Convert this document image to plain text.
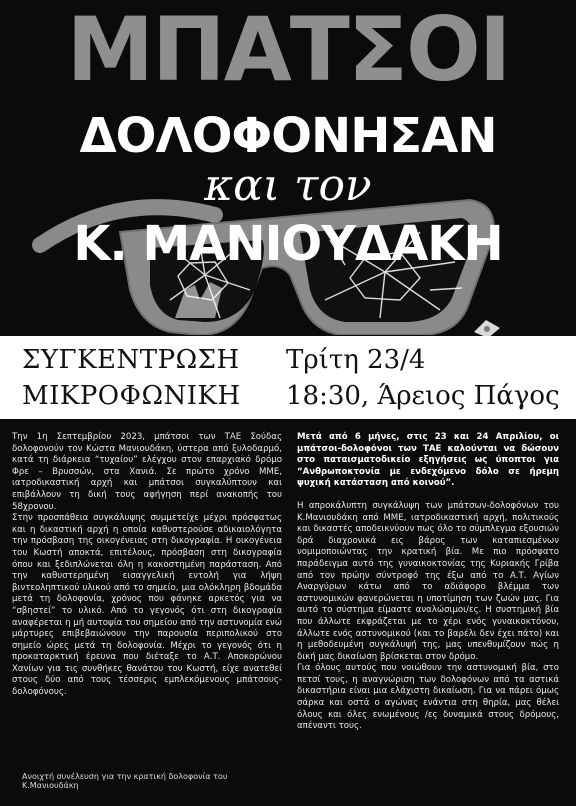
ΜΠΑΤΣΟΙ
ΔΟΛΟΦΟΝΗΣΑΝ
και τον
Κ. ΜΑΝΙΟΥΔΑΚΗ
ΣΥΓΚΕΝΤΡΩΣΗ
ΜΙΚΡΟΦΩΝΙΚΗ
Τρίτη 23/4
18:30, Άρειος Πάγος

Την 1η Σεπτεμβρίου 2023, μπάτσοι των ΤΑΕ Σούδας δολοφονούν τον Κώστα Μανιουδάκη, ύστερα από ξυλοδαρμό, κατά τη διάρκεια “τυχαίου” ελέγχου στον επαρχιακό δρόμο Φρε – Βρυσσών, στα Χανιά. Σε πρώτο χρόνο ΜΜΕ, ιατροδικαστική αρχή και μπάτσοι συγκαλύπτουν και επιβάλλουν τη δική τους αφήγηση περί ανακοπής του 58χρονου.

Στην προσπάθεια συγκάλυψης συμμετείχε μέχρι πρόσφατως και η δικαστική αρχή η οποία καθυστερούσε αδικαιολόγητα την πρόσβαση της οικογένειας στη δικογραφία. Η οικογένεια του Κωστή αποκτά, επιτέλους, πρόσβαση στη δικογραφία όπου και ξεδιπλώνεται όλη η κακοστημένη παράσταση. Από την καθυστερημένη εισαγγελική εντολή για λήψη βιντεοληπτικού υλικού από το σημείο, μια ολόκληρη βδομάδα μετά τη δολοφονία, χρόνος που φάνηκε αρκετός για να “σβηστεί” το υλικό. Από το γεγονός ότι στη δικογραφία αναφέρεται η μή αυτοψία του σημείου από την αστυνομία ενώ μάρτυρες επιβεβαιώνουν την παρουσία περιπολικού στο σημείο ώρες μετά τη δολοφονία. Μέχρι το γεγονός ότι η προκαταρκτική έρευνα που διέταξε το Α.Τ. Αποκορώνου Χανίων για τις συνθήκες θανάτου του Κωστή, είχε ανατεθεί στους δύο από τους τέσσερις εμπλεκόμενους μπάτσους-δολοφόνους.

Μετά από 6 μήνες, στις 23 και 24 Απριλίου, οι μπάτσοι-δολοφόνοι των ΤΑΕ καλούνται να δώσουν στο παταισματοδικείο εξηγήσεις ως ύποπτοι για “Ανθρωποκτονία με ενδεχόμενο δόλο σε ήρεμη ψυχική κατάσταση από κοινού”.

Η απροκάλυπτη συγκάλυψη των μπάτσων-δολοφόνων του Κ.Μανιουδάκη από ΜΜΕ, ιατροδικαστική αρχή, πολιτικούς και δικαστές αποδεικνύουν πως όλο το σύμπλεγμα εξουσιών δρά διαχρονικά εις βάρος των καταπιεσμένων νομιμοποιώντας την κρατική βία. Με πιο πρόσφατο παράδειγμα αυτό της γυναικοκτονίας της Κυριακής Γρίβα από τον πρώην σύντροφό της έξω από το Α.Τ. Αγίων Αναργύρων κάτω από το αδιάφορο βλέμμα των αστυνομικών φανερώνεται η υποτίμηση των ζωών μας. Για αυτό το σύστημα είμαστε αναλώσιμοι/ες. Η συστημική βία που άλλωτε εκφράζεται με το χέρι ενός γυναικοκτόνου, άλλωτε ενός αστυνομικού (και το βαρέλι δεν έχει πάτο) και η μεθοδευμένη συγκάλυψή της, μας υπενθυμίζουν πώς η δική μας δικαίωση βρίσκεται στον δρόμο.

Για όλους αυτούς που νοιώθουν την αστυνομική βία, στο πετσί τους, η αναγνώριση των δολοφόνων από τα αστικά δικαστήρια είναι μια ελάχιστη δικαίωση. Για να πάρει όμως σάρκα και οστά ο αγώνας ενάντια στη θηρία, μας θέλει όλους και όλες ενωμένους /ες δυναμικά στους δρόμους, απέναντι τους.

Ανοιχτή συνέλευση για την κρατική δολοφονία του Κ.Μανιουδάκη
